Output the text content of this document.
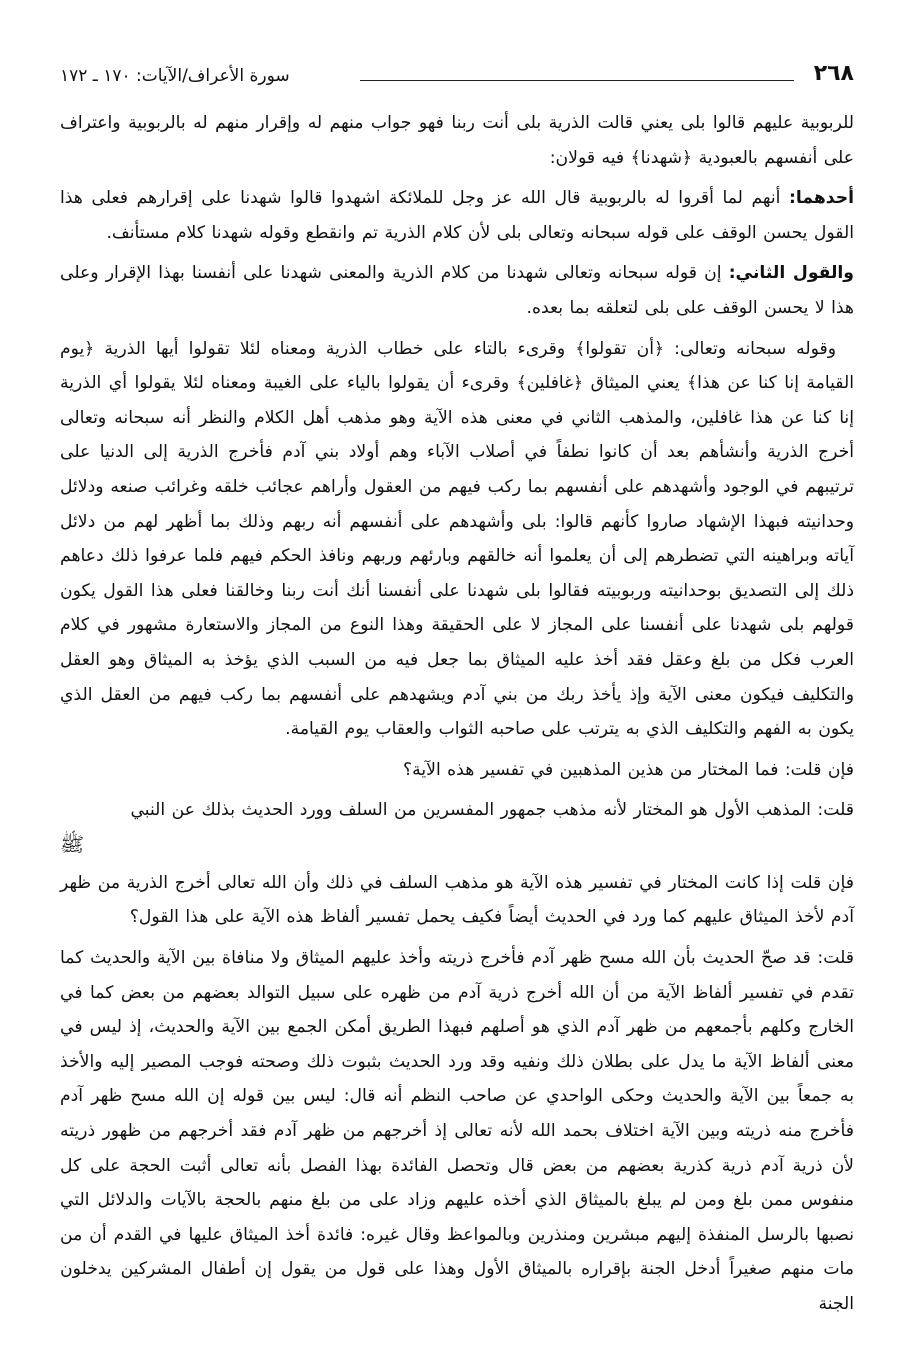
٢٦٨
سورة الأعراف/الآيات: ١٧٠ ـ ١٧٢

للربوبية عليهم قالوا بلى يعني قالت الذرية بلى أنت ربنا فهو جواب منهم له وإقرار منهم له بالربوبية واعتراف على أنفسهم بالعبودية ﴿شهدنا﴾ فيه قولان:

أحدهما: أنهم لما أقروا له بالربوبية قال الله عز وجل للملائكة اشهدوا قالوا شهدنا على إقرارهم فعلى هذا القول يحسن الوقف على قوله سبحانه وتعالى بلى لأن كلام الذرية تم وانقطع وقوله شهدنا كلام مستأنف.

والقول الثاني: إن قوله سبحانه وتعالى شهدنا من كلام الذرية والمعنى شهدنا على أنفسنا بهذا الإقرار وعلى هذا لا يحسن الوقف على بلى لتعلقه بما بعده.

وقوله سبحانه وتعالى: ﴿أن تقولوا﴾ وقرىء بالتاء على خطاب الذرية ومعناه لئلا تقولوا أيها الذرية ﴿يوم القيامة إنا كنا عن هذا﴾ يعني الميثاق ﴿غافلين﴾ وقرىء أن يقولوا بالياء على الغيبة ومعناه لئلا يقولوا أي الذرية إنا كنا عن هذا غافلين، والمذهب الثاني في معنى هذه الآية وهو مذهب أهل الكلام والنظر أنه سبحانه وتعالى أخرج الذرية وأنشأهم بعد أن كانوا نطفاً في أصلاب الآباء وهم أولاد بني آدم فأخرج الذرية إلى الدنيا على ترتيبهم في الوجود وأشهدهم على أنفسهم بما ركب فيهم من العقول وأراهم عجائب خلقه وغرائب صنعه ودلائل وحدانيته فبهذا الإشهاد صاروا كأنهم قالوا: بلى وأشهدهم على أنفسهم أنه ربهم وذلك بما أظهر لهم من دلائل آياته وبراهينه التي تضطرهم إلى أن يعلموا أنه خالقهم وبارئهم وربهم ونافذ الحكم فيهم فلما عرفوا ذلك دعاهم ذلك إلى التصديق بوحدانيته وربوبيته فقالوا بلى شهدنا على أنفسنا أنك أنت ربنا وخالقنا فعلى هذا القول يكون قولهم بلى شهدنا على أنفسنا على المجاز لا على الحقيقة وهذا النوع من المجاز والاستعارة مشهور في كلام العرب فكل من بلغ وعقل فقد أخذ عليه الميثاق بما جعل فيه من السبب الذي يؤخذ به الميثاق وهو العقل والتكليف فيكون معنى الآية وإذ يأخذ ربك من بني آدم ويشهدهم على أنفسهم بما ركب فيهم من العقل الذي يكون به الفهم والتكليف الذي به يترتب على صاحبه الثواب والعقاب يوم القيامة.

فإن قلت: فما المختار من هذين المذهبين في تفسير هذه الآية؟

قلت: المذهب الأول هو المختار لأنه مذهب جمهور المفسرين من السلف وورد الحديث بذلك عن النبي

ﷺ

فإن قلت إذا كانت المختار في تفسير هذه الآية هو مذهب السلف في ذلك وأن الله تعالى أخرج الذرية من ظهر آدم لأخذ الميثاق عليهم كما ورد في الحديث أيضاً فكيف يحمل تفسير ألفاظ هذه الآية على هذا القول؟

قلت: قد صحّ الحديث بأن الله مسح ظهر آدم فأخرج ذريته وأخذ عليهم الميثاق ولا منافاة بين الآية والحديث كما تقدم في تفسير ألفاظ الآية من أن الله أخرج ذرية آدم من ظهره على سبيل التوالد بعضهم من بعض كما في الخارج وكلهم بأجمعهم من ظهر آدم الذي هو أصلهم فبهذا الطريق أمكن الجمع بين الآية والحديث، إذ ليس في معنى ألفاظ الآية ما يدل على بطلان ذلك ونفيه وقد ورد الحديث بثبوت ذلك وصحته فوجب المصير إليه والأخذ به جمعاً بين الآية والحديث وحكى الواحدي عن صاحب النظم أنه قال: ليس بين قوله إن الله مسح ظهر آدم فأخرج منه ذريته وبين الآية اختلاف بحمد الله لأنه تعالى إذ أخرجهم من ظهر آدم فقد أخرجهم من ظهور ذريته لأن ذرية آدم ذرية كذرية بعضهم من بعض قال وتحصل الفائدة بهذا الفصل بأنه تعالى أثبت الحجة على كل منفوس ممن بلغ ومن لم يبلغ بالميثاق الذي أخذه عليهم وزاد على من بلغ منهم بالحجة بالآيات والدلائل التي نصبها بالرسل المنفذة إليهم مبشرين ومنذرين وبالمواعظ وقال غيره: فائدة أخذ الميثاق عليها في القدم أن من مات منهم صغيراً أدخل الجنة بإقراره بالميثاق الأول وهذا على قول من يقول إن أطفال المشركين يدخلون الجنة
